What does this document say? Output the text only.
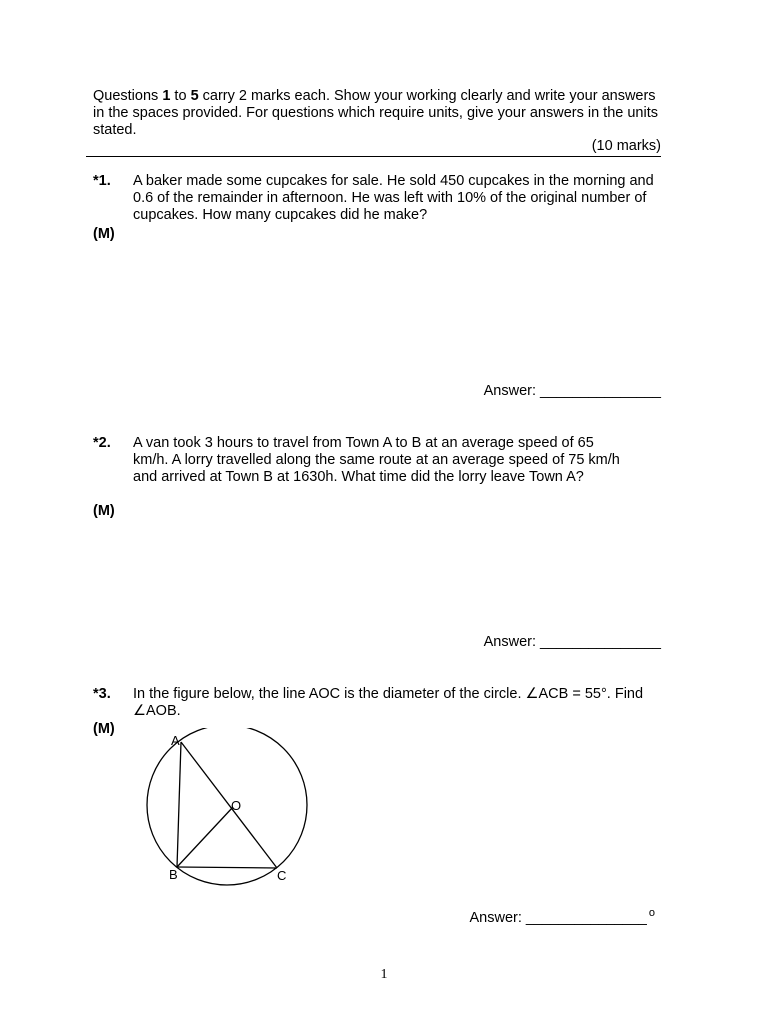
Questions 1 to 5 carry 2 marks each. Show your working clearly and write your answers in the spaces provided. For questions which require units, give your answers in the units stated.
(10 marks)
*1. A baker made some cupcakes for sale. He sold 450 cupcakes in the morning and 0.6 of the remainder in afternoon. He was left with 10% of the original number of cupcakes. How many cupcakes did he make?
(M)
Answer: _______________
*2. A van took 3 hours to travel from Town A to B at an average speed of 65 km/h. A lorry travelled along the same route at an average speed of 75 km/h and arrived at Town B at 1630h. What time did the lorry leave Town A?
(M)
Answer: _______________
*3. In the figure below, the line AOC is the diameter of the circle. ∠ACB = 55°. Find ∠AOB.
(M)
A
O
B	C
Answer: _______________ $^o$
1
